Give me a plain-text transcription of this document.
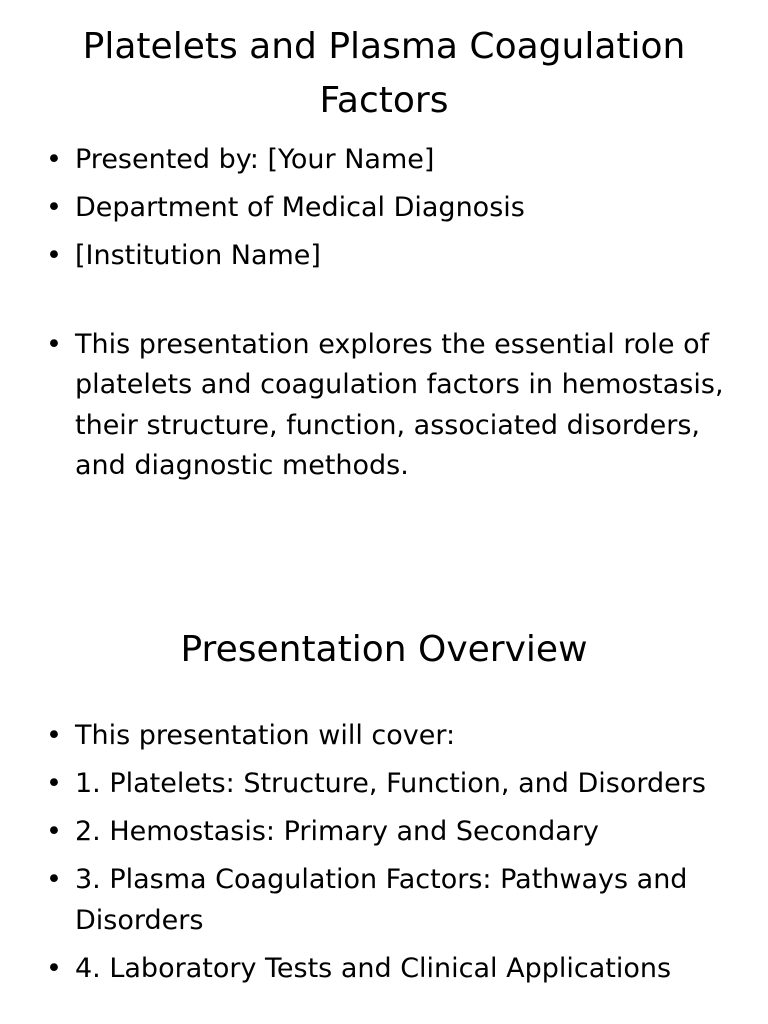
Platelets and Plasma Coagulation Factors
• Presented by: [Your Name]
• Department of Medical Diagnosis
• [Institution Name]
• This presentation explores the essential role of platelets and coagulation factors in hemostasis, their structure, function, associated disorders, and diagnostic methods.
Presentation Overview
• This presentation will cover:
• 1. Platelets: Structure, Function, and Disorders
• 2. Hemostasis: Primary and Secondary
• 3. Plasma Coagulation Factors: Pathways and Disorders
• 4. Laboratory Tests and Clinical Applications
